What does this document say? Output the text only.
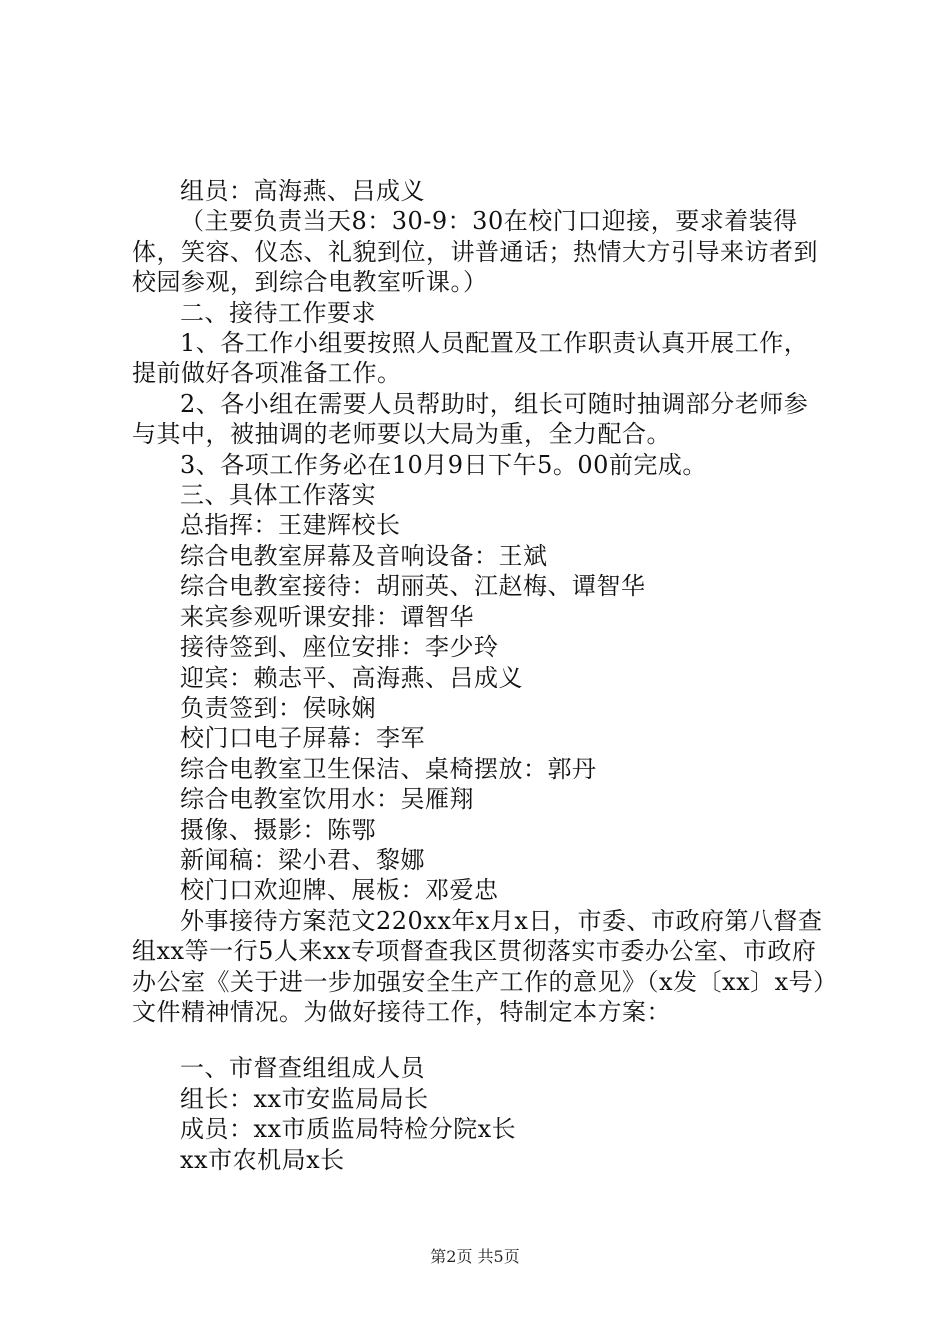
组员：高海燕、吕成义

（主要负责当天8：30-9：30在校门口迎接，要求着装得体，笑容、仪态、礼貌到位，讲普通话；热情大方引导来访者到校园参观，到综合电教室听课。）

二、接待工作要求

1、各工作小组要按照人员配置及工作职责认真开展工作，提前做好各项准备工作。

2、各小组在需要人员帮助时，组长可随时抽调部分老师参与其中，被抽调的老师要以大局为重，全力配合。

3、各项工作务必在10月9日下午5。00前完成。

三、具体工作落实

总指挥：王建辉校长

综合电教室屏幕及音响设备：王斌

综合电教室接待：胡丽英、江赵梅、谭智华

来宾参观听课安排：谭智华

接待签到、座位安排：李少玲

迎宾：赖志平、高海燕、吕成义

负责签到：侯咏娴

校门口电子屏幕：李军

综合电教室卫生保洁、桌椅摆放：郭丹

综合电教室饮用水：吴雁翔

摄像、摄影：陈鄂

新闻稿：梁小君、黎娜

校门口欢迎牌、展板：邓爱忠

外事接待方案范文220xx年x月x日，市委、市政府第八督查组xx等一行5人来xx专项督查我区贯彻落实市委办公室、市政府办公室《关于进一步加强安全生产工作的意见》（x发〔xx〕x号）文件精神情况。为做好接待工作，特制定本方案：

一、市督查组组成人员

组长：xx市安监局局长

成员：xx市质监局特检分院x长

xx市农机局x长

第2页 共5页
